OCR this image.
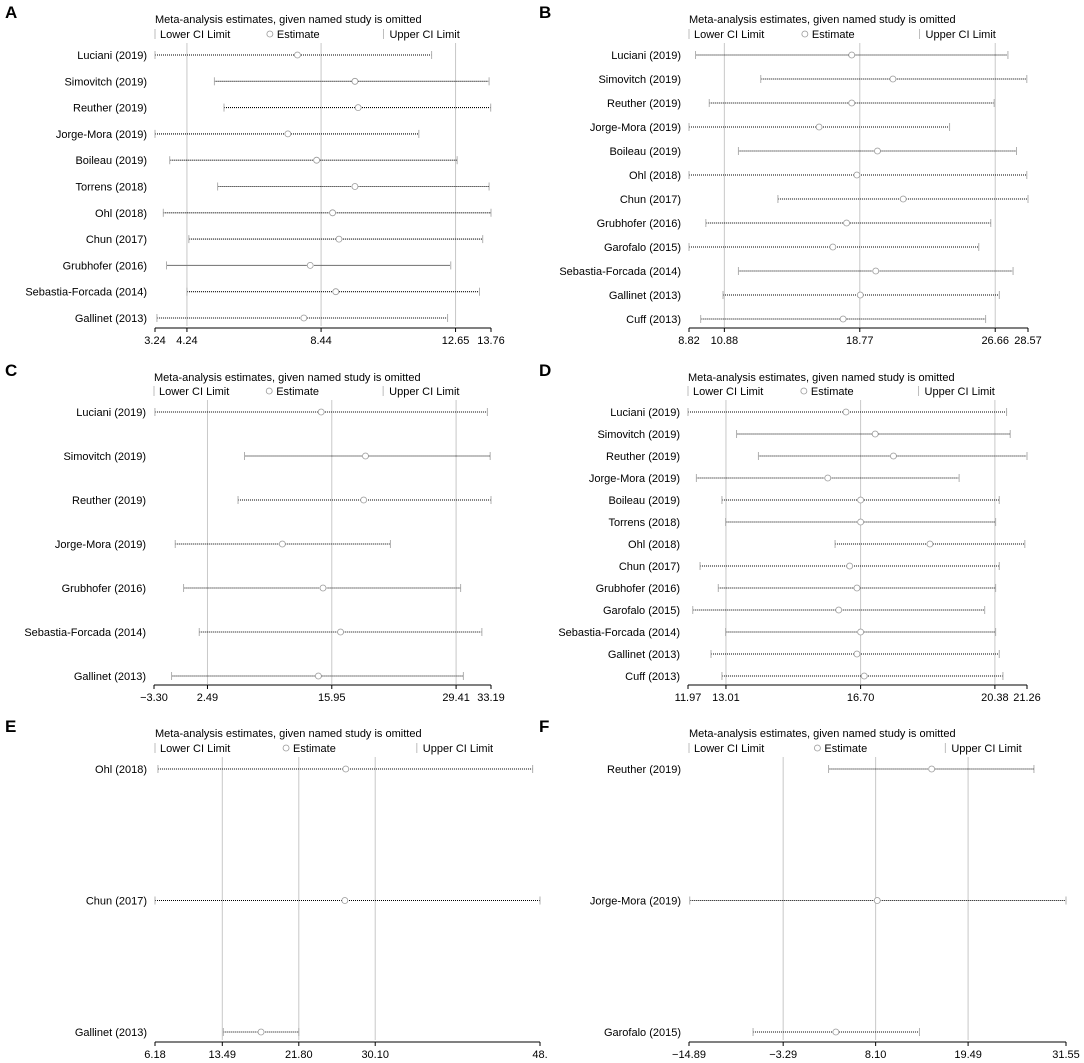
A	Meta-analysis estimates, given named study is omitted
Lower CI Limit	Estimate	Upper CI Limit
3.24 4.24	8.44	12.65 13.76
Luciani (2019)
Simovitch (2019)
Reuther (2019)
Jorge-Mora (2019)
Boileau (2019)
Torrens (2018)
Ohl (2018)
Chun (2017)
Grubhofer (2016)
Sebastia-Forcada (2014)
Gallinet (2013)
B	Meta-analysis estimates, given named study is omitted
Lower CI Limit	Estimate	Upper CI Limit
8.82 10.88	18.77	26.66 28.57
Luciani (2019)
Simovitch (2019)
Reuther (2019)
Jorge-Mora (2019)
Boileau (2019)
Ohl (2018)
Chun (2017)
Grubhofer (2016)
Garofalo (2015)
Sebastia-Forcada (2014)
Gallinet (2013)
Cuff (2013)
C	Meta-analysis estimates, given named study is omitted
Lower CI Limit	Estimate	Upper CI Limit
−3.30	2.49	15.95	29.41 33.19
Luciani (2019)
Simovitch (2019)
Reuther (2019)
Jorge-Mora (2019)
Grubhofer (2016)
Sebastia-Forcada (2014)
Gallinet (2013)
D	Meta-analysis estimates, given named study is omitted
Lower CI Limit	Estimate	Upper CI Limit
11.97 13.01	16.70	20.38 21.26
Luciani (2019)
Simovitch (2019)
Reuther (2019)
Jorge-Mora (2019)
Boileau (2019)
Torrens (2018)
Ohl (2018)
Chun (2017)
Grubhofer (2016)
Garofalo (2015)
Sebastia-Forcada (2014)
Gallinet (2013)
Cuff (2013)
E	Meta-analysis estimates, given named study is omitted
Lower CI Limit	Estimate	Upper CI Limit
6.18	13.49	21.80	30.10	48.
Ohl (2018)
Chun (2017)
Gallinet (2013)
F	Meta-analysis estimates, given named study is omitted
Lower CI Limit	Estimate	Upper CI Limit
−14.89	−3.29	8.10	19.49	31.55
Reuther (2019)
Jorge-Mora (2019)
Garofalo (2015)
